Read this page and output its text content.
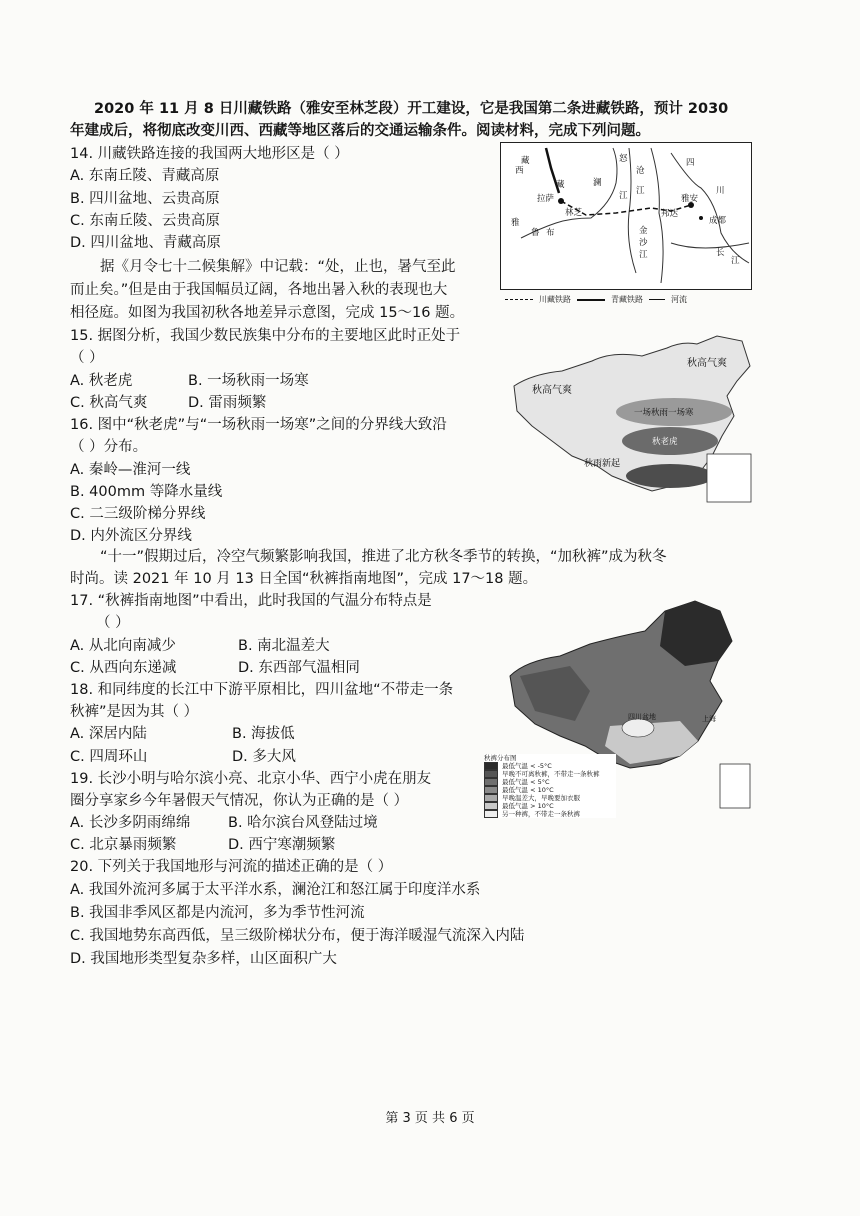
2020 年 11 月 8 日川藏铁路（雅安至林芝段）开工建设，它是我国第二条进藏铁路，预计 2030
年建成后，将彻底改变川西、西藏等地区落后的交通运输条件。阅读材料，完成下列问题。
14. 川藏铁路连接的我国两大地形区是（ ）
A. 东南丘陵、青藏高原
B. 四川盆地、云贵高原
C. 东南丘陵、云贵高原
D. 四川盆地、青藏高原
据《月令七十二候集解》中记载：“处，止也，暑气至此
而止矣。”但是由于我国幅员辽阔，各地出暑入秋的表现也大
相径庭。如图为我国初秋各地差异示意图，完成 15～16 题。
15. 据图分析，我国少数民族集中分布的主要地区此时正处于
（ ）
A. 秋老虎	B. 一场秋雨一场寒
C. 秋高气爽	D. 雷雨频繁
16. 图中“秋老虎”与“一场秋雨一场寒”之间的分界线大致沿
（ ）分布。
A. 秦岭—淮河一线
B. 400mm 等降水量线
C. 二三级阶梯分界线
D. 内外流区分界线
“十一”假期过后，冷空气频繁影响我国，推进了北方秋冬季节的转换，“加秋裤”成为秋冬
时尚。读 2021 年 10 月 13 日全国“秋裤指南地图”，完成 17～18 题。
17. “秋裤指南地图”中看出，此时我国的气温分布特点是
（ ）
A. 从北向南减少	B. 南北温差大
C. 从西向东递减	D. 东西部气温相同
18. 和同纬度的长江中下游平原相比，四川盆地“不带走一条
秋裤”是因为其（ ）
A. 深居内陆	B. 海拔低
C. 四周环山	D. 多大风
19. 长沙小明与哈尔滨小亮、北京小华、西宁小虎在朋友
圈分享家乡今年暑假天气情况，你认为正确的是（ ）
A. 长沙多阴雨绵绵	B. 哈尔滨台风登陆过境
C. 北京暴雨频繁	D. 西宁寒潮频繁
20. 下列关于我国地形与河流的描述正确的是（ ）
A. 我国外流河多属于太平洋水系，澜沧江和怒江属于印度洋水系
B. 我国非季风区都是内流河，多为季节性河流
C. 我国地势东高西低，呈三级阶梯状分布，便于海洋暖湿气流深入内陆
D. 我国地形类型复杂多样，山区面积广大
西
藏
拉萨
林芝
雅
鲁
藏
布
怒
江
澜
沧
江
金
沙
江
四
川
雅安
成都
邦达
长
江
川藏铁路	青藏铁路	河流
秋高气爽
秋高气爽
一场秋雨一场寒
秋老虎
秋雨新起
四川盆地	上海
秋裤分布图
最低气温 < -5°C
早晚不可离秋裤，不带走一条秋裤
最低气温 < 5°C
最低气温 < 10°C
早晚温差大，早晚要加衣服
最低气温 > 10°C
另一种裤，不带走一条秋裤
第 3 页 共 6 页
